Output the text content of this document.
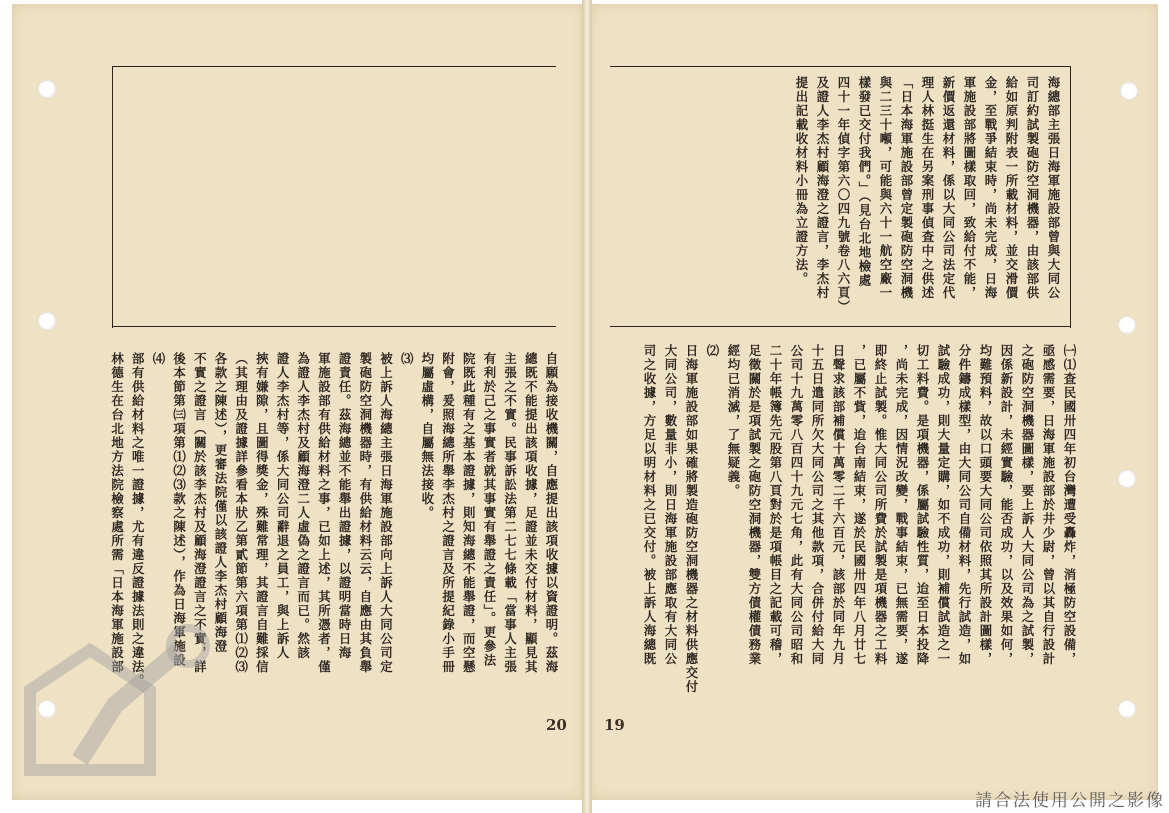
自願為接收機關，自應提出該項收據以資證明。茲海
總既不能提出該項收據，足證並未交付材料，顯見其
主張之不實。民事訴訟法第二七七條載「當事人主張
有利於己之事實者就其事實有舉證之責任」。更參法
院既此種有之基本證據，則知海總不能舉證，而空懸
附會，爰照海總所舉李杰村之證言及所提紀錄小手冊
均屬虛構，自屬無法接收。
⑶
被上訴人海總主張日海軍施設部向上訴人大同公司定
製砲防空洞機器時，有供給材料云云，自應由其負舉
證責任。茲海總並不能舉出證據，以證明當時日海
軍施設部有供給材料之事，已如上述，其所憑者，僅
為證人李杰村及顧海澄二人虛偽之證言而已。然該
證人李杰村等，係大同公司辭退之員工，與上訴人
挾有嫌隙，且圖得獎金，殊難常理，其證言自難採信
（其理由及證據詳參看本狀乙第貳節第六項第⑴⑵⑶
各款之陳述），更審法院僅以該證人李杰村顧海澄
不實之證言（關於該李杰村及顧海澄證言之不實，詳
後本節第㈢項第⑴⑵⑶款之陳述），作為日海軍施設
⑷
部有供給材料之唯一證據，尤有違反證據法則之違法。
林德生在台北地方法院檢察處所需「日本海軍施設部
海總部主張日海軍施設部曾與大同公
司訂約試製砲防空洞機器，由該部供
給如原判附表一所載材料，並交滑價
金，至戰爭結束時，尚未完成，日海
軍施設部將圖樣取回，致給付不能，
新價返還材料，係以大同公司法定代
理人林挺生在另案刑事偵查中之供述
「日本海軍施設部曾定製砲防空洞機
與二三十噸，可能與六十一航空廠一
樣發已交付我們。」（見台北地檢處
四十一年偵字第六〇四九號卷八六頁）
及證人李杰村顧海澄之證言，李杰村
提出記載收材料小冊為立證方法。
㈠⑴查民國卅四年初台灣遭受轟炸，消極防空設備，
亟感需要，日海軍施設部於井少尉，曾以其自行設計
之砲防空洞機器圖樣，要上訴人大同公司為之試製，
因係新設計，未經實驗，能否成功，以及效果如何，
均難預料，故以口頭要大同公司依照其所設計圖樣，
分件鑄成樣型，由大同公司自備材料，先行試造，如
試驗成功，則大量定購，如不成功，則補償試造之一
切工料費。是項機器，係屬試驗性質，迨至日本投降
，尚未完成，因情況改變，戰事結束，已無需要，遂
即終止試製。惟大同公司所費於試製是項機器之工料
，已屬不貲，迨台南結束，遂於民國卅四年八月廿七
日聲求該部補償十萬零二千六百元，該部於同年九月
十五日遣同所欠大同公司之其他款項，合併付給大同
公司十九萬零八百四十九元七角，此有大同公司昭和
二十年帳簿先元股第八頁對於是項帳目之記載可稽，
足徵關於是項試製之砲防空洞機器，雙方債權債務業
經均已消滅，了無疑義。
⑵
日海軍施設部如果確將製造砲防空洞機器之材料供應交付
大同公司，數量非小，則日海軍施設部應取有大同公
司之收據，方足以明材料之已交付。被上訴人海總既
20 19
請合法使用公開之影像
